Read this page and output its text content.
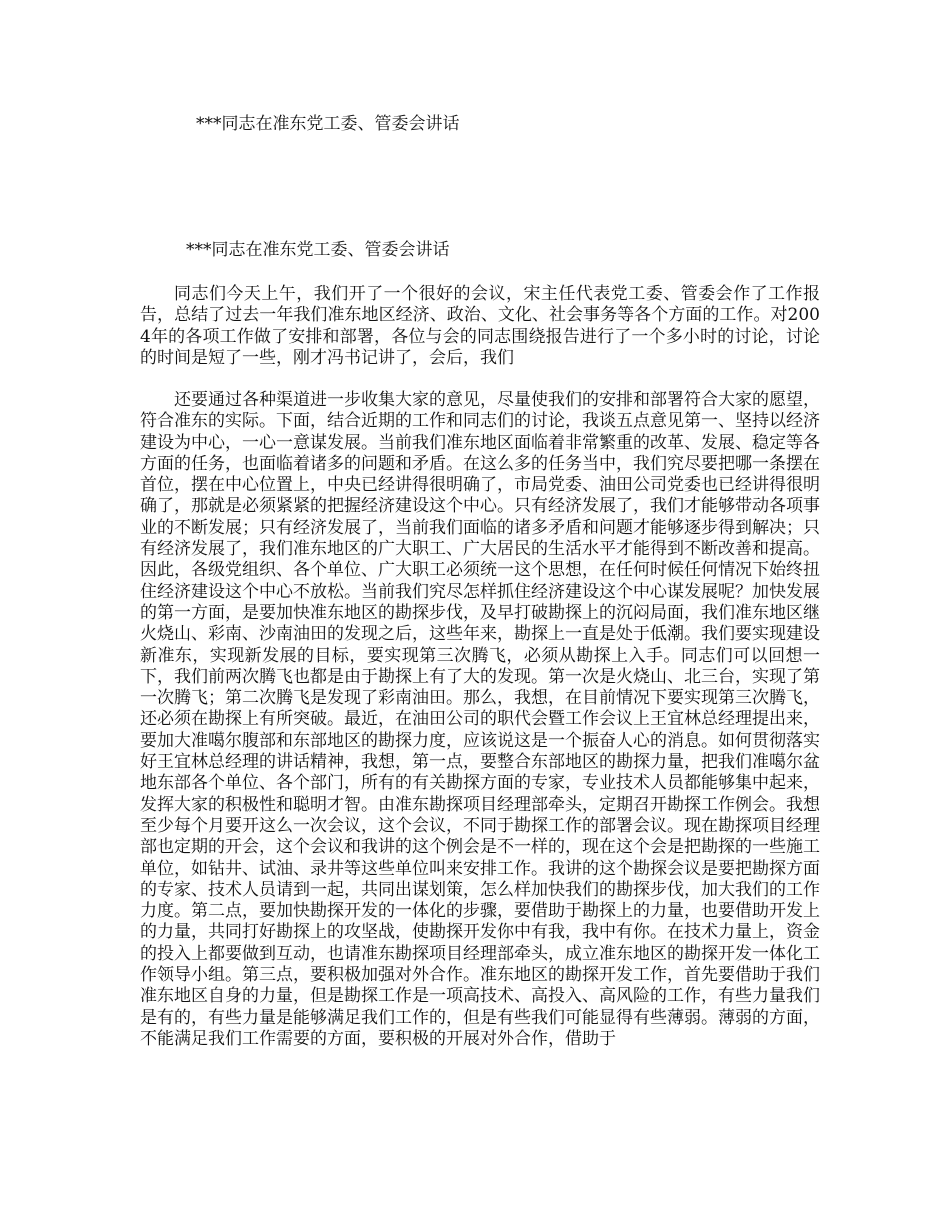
***同志在准东党工委、管委会讲话
***同志在准东党工委、管委会讲话

同志们今天上午，我们开了一个很好的会议，宋主任代表党工委、管委会作了工作报告，总结了过去一年我们准东地区经济、政治、文化、社会事务等各个方面的工作。对2004年的各项工作做了安排和部署，各位与会的同志围绕报告进行了一个多小时的讨论，讨论的时间是短了一些，刚才冯书记讲了，会后，我们

还要通过各种渠道进一步收集大家的意见，尽量使我们的安排和部署符合大家的愿望，符合准东的实际。下面，结合近期的工作和同志们的讨论，我谈五点意见第一、坚持以经济建设为中心，一心一意谋发展。当前我们准东地区面临着非常繁重的改革、发展、稳定等各方面的任务，也面临着诸多的问题和矛盾。在这么多的任务当中，我们究尽要把哪一条摆在首位，摆在中心位置上，中央已经讲得很明确了，市局党委、油田公司党委也已经讲得很明确了，那就是必须紧紧的把握经济建设这个中心。只有经济发展了，我们才能够带动各项事业的不断发展；只有经济发展了，当前我们面临的诸多矛盾和问题才能够逐步得到解决；只有经济发展了，我们准东地区的广大职工、广大居民的生活水平才能得到不断改善和提高。因此，各级党组织、各个单位、广大职工必须统一这个思想，在任何时候任何情况下始终扭住经济建设这个中心不放松。当前我们究尽怎样抓住经济建设这个中心谋发展呢？加快发展的第一方面，是要加快准东地区的勘探步伐，及早打破勘探上的沉闷局面，我们准东地区继火烧山、彩南、沙南油田的发现之后，这些年来，勘探上一直是处于低潮。我们要实现建设新准东，实现新发展的目标，要实现第三次腾飞，必须从勘探上入手。同志们可以回想一下，我们前两次腾飞也都是由于勘探上有了大的发现。第一次是火烧山、北三台，实现了第一次腾飞；第二次腾飞是发现了彩南油田。那么，我想，在目前情况下要实现第三次腾飞，还必须在勘探上有所突破。最近，在油田公司的职代会暨工作会议上王宜林总经理提出来，要加大准噶尔腹部和东部地区的勘探力度，应该说这是一个振奋人心的消息。如何贯彻落实好王宜林总经理的讲话精神，我想，第一点，要整合东部地区的勘探力量，把我们准噶尔盆地东部各个单位、各个部门，所有的有关勘探方面的专家，专业技术人员都能够集中起来，发挥大家的积极性和聪明才智。由准东勘探项目经理部牵头，定期召开勘探工作例会。我想至少每个月要开这么一次会议，这个会议，不同于勘探工作的部署会议。现在勘探项目经理部也定期的开会，这个会议和我讲的这个例会是不一样的，现在这个会是把勘探的一些施工单位，如钻井、试油、录井等这些单位叫来安排工作。我讲的这个勘探会议是要把勘探方面的专家、技术人员请到一起，共同出谋划策，怎么样加快我们的勘探步伐，加大我们的工作力度。第二点，要加快勘探开发的一体化的步骤，要借助于勘探上的力量，也要借助开发上的力量，共同打好勘探上的攻坚战，使勘探开发你中有我，我中有你。在技术力量上，资金的投入上都要做到互动，也请准东勘探项目经理部牵头，成立准东地区的勘探开发一体化工作领导小组。第三点，要积极加强对外合作。准东地区的勘探开发工作，首先要借助于我们准东地区自身的力量，但是勘探工作是一项高技术、高投入、高风险的工作，有些力量我们是有的，有些力量是能够满足我们工作的，但是有些我们可能显得有些薄弱。薄弱的方面，不能满足我们工作需要的方面，要积极的开展对外合作，借助于
